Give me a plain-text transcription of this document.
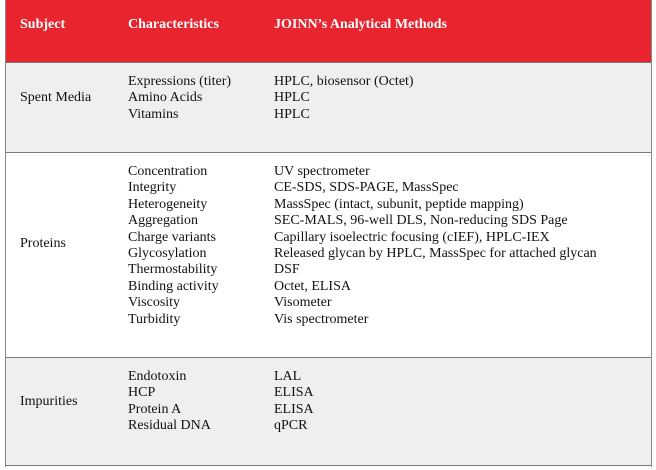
Subject	Characteristics	JOINN’s Analytical Methods
Spent Media
Expressions (titer)
Amino Acids
Vitamins
HPLC, biosensor (Octet)
HPLC
HPLC
Proteins
Concentration
Integrity
Heterogeneity
Aggregation
Charge variants
Glycosylation
Thermostability
Binding activity
Viscosity
Turbidity
UV spectrometer
CE-SDS, SDS-PAGE, MassSpec
MassSpec (intact, subunit, peptide mapping)
SEC-MALS, 96-well DLS, Non-reducing SDS Page
Capillary isoelectric focusing (cIEF), HPLC-IEX
Released glycan by HPLC, MassSpec for attached glycan
DSF
Octet, ELISA
Visometer
Vis spectrometer
Impurities
Endotoxin
HCP
Protein A
Residual DNA
LAL
ELISA
ELISA
qPCR
